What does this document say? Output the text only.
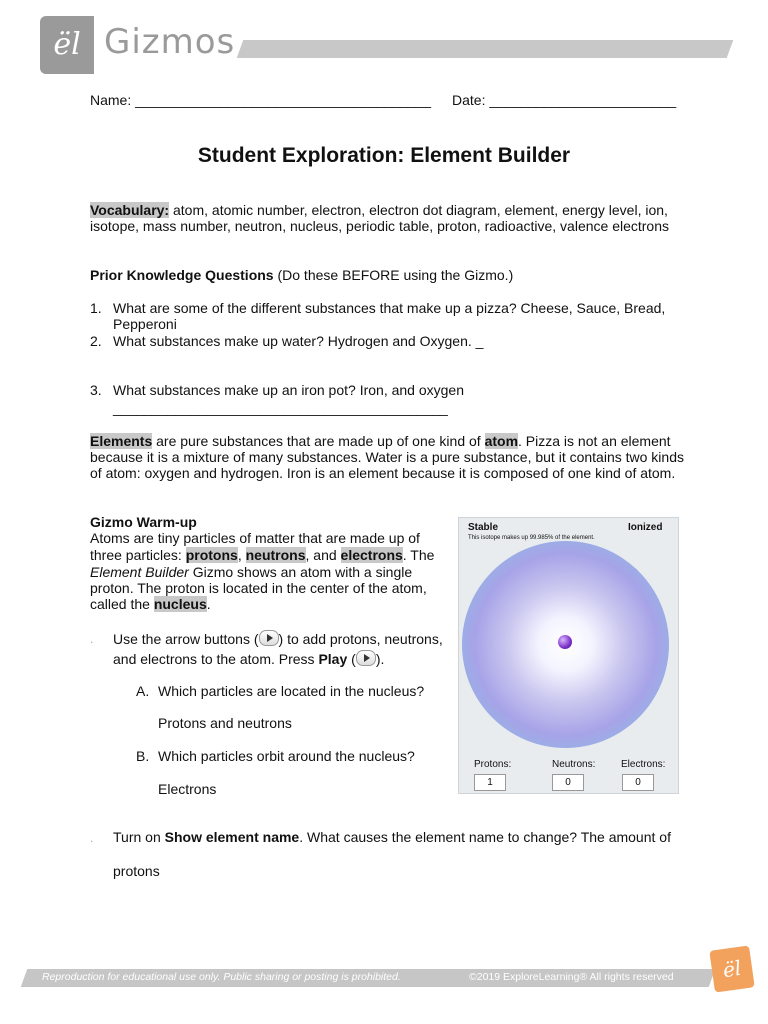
ël Gizmos
Name: ______________________________________ Date: ________________________
Student Exploration: Element Builder
Vocabulary: atom, atomic number, electron, electron dot diagram, element, energy level, ion,
isotope, mass number, neutron, nucleus, periodic table, proton, radioactive, valence electrons
Prior Knowledge Questions (Do these BEFORE using the Gizmo.)
1. What are some of the different substances that make up a pizza? Cheese, Sauce, Bread,
Pepperoni
2. What substances make up water? Hydrogen and Oxygen. _
3. What substances make up an iron pot? Iron, and oxygen
___________________________________________
Elements are pure substances that are made up of one kind of atom. Pizza is not an element
because it is a mixture of many substances. Water is a pure substance, but it contains two kinds
of atom: oxygen and hydrogen. Iron is an element because it is composed of one kind of atom.
Gizmo Warm-up
Atoms are tiny particles of matter that are made up of
three particles: protons, neutrons, and electrons. The
Element Builder Gizmo shows an atom with a single
proton. The proton is located in the center of the atom,
called the nucleus.
. Use the arrow buttons ( ) to add protons, neutrons,
and electrons to the atom. Press Play ( ).
A. Which particles are located in the nucleus?
Protons and neutrons
B. Which particles orbit around the nucleus?
Electrons
. Turn on Show element name. What causes the element name to change? The amount of
protons
Stable	Ionized
This isotope makes up 99.985% of the element.
Protons:	Neutrons:	Electrons:
1	0	0
Reproduction for educational use only. Public sharing or posting is prohibited.	©2019 ExploreLearning® All rights reserved	ël
